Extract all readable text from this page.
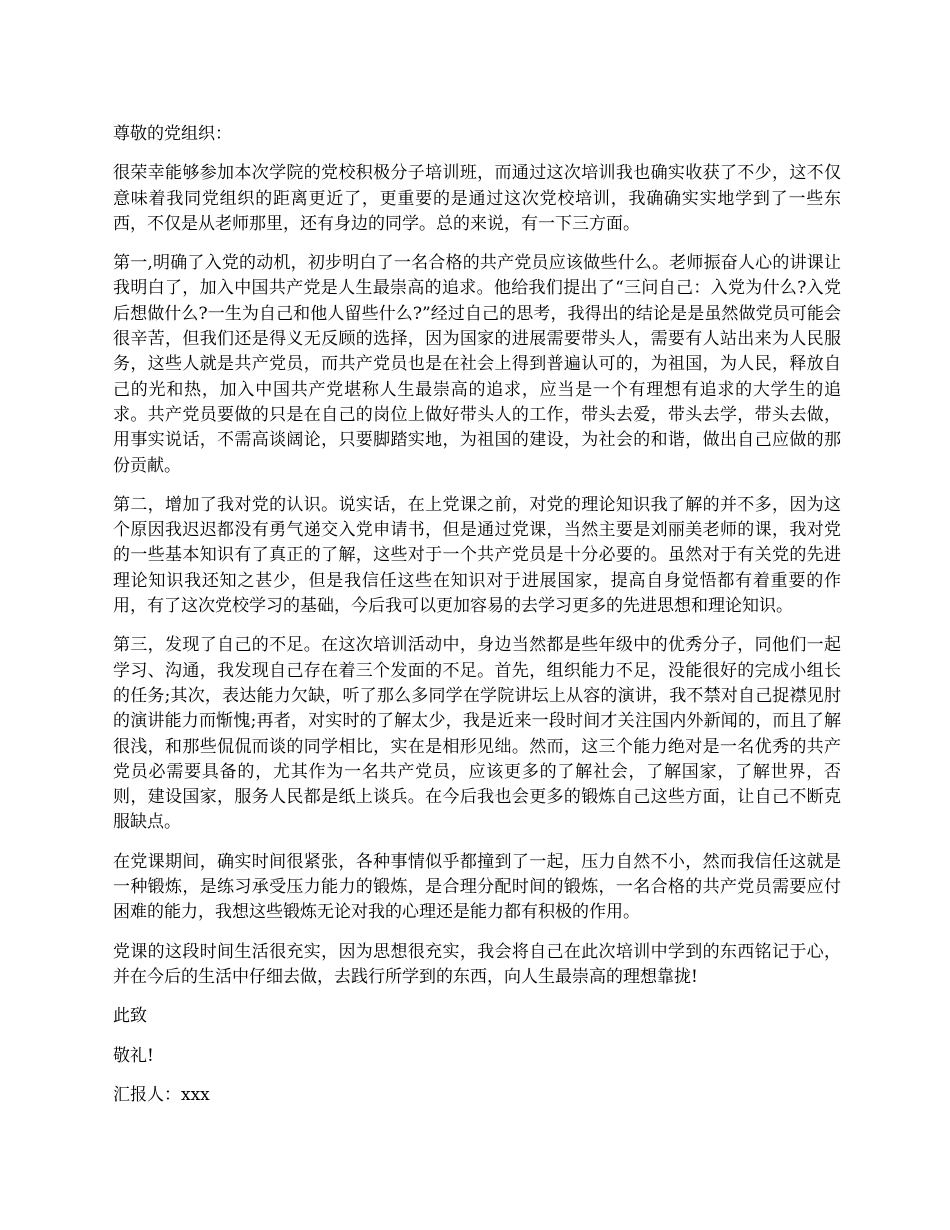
尊敬的党组织：

很荣幸能够参加本次学院的党校积极分子培训班，而通过这次培训我也确实收获了不少，这不仅意味着我同党组织的距离更近了，更重要的是通过这次党校培训，我确确实实地学到了一些东西，不仅是从老师那里，还有身边的同学。总的来说，有一下三方面。

第一,明确了入党的动机，初步明白了一名合格的共产党员应该做些什么。老师振奋人心的讲课让我明白了，加入中国共产党是人生最崇高的追求。他给我们提出了“三问自己：入党为什么?入党后想做什么?一生为自己和他人留些什么?”经过自己的思考，我得出的结论是是虽然做党员可能会很辛苦，但我们还是得义无反顾的选择，因为国家的进展需要带头人，需要有人站出来为人民服务，这些人就是共产党员，而共产党员也是在社会上得到普遍认可的，为祖国，为人民，释放自己的光和热，加入中国共产党堪称人生最崇高的追求，应当是一个有理想有追求的大学生的追求。共产党员要做的只是在自己的岗位上做好带头人的工作，带头去爱，带头去学，带头去做，用事实说话，不需高谈阔论，只要脚踏实地，为祖国的建设，为社会的和谐，做出自己应做的那份贡献。

第二，增加了我对党的认识。说实话，在上党课之前，对党的理论知识我了解的并不多，因为这个原因我迟迟都没有勇气递交入党申请书，但是通过党课，当然主要是刘丽美老师的课，我对党的一些基本知识有了真正的了解，这些对于一个共产党员是十分必要的。虽然对于有关党的先进理论知识我还知之甚少，但是我信任这些在知识对于进展国家，提高自身觉悟都有着重要的作用，有了这次党校学习的基础，今后我可以更加容易的去学习更多的先进思想和理论知识。

第三，发现了自己的不足。在这次培训活动中，身边当然都是些年级中的优秀分子，同他们一起学习、沟通，我发现自己存在着三个发面的不足。首先，组织能力不足，没能很好的完成小组长的任务;其次，表达能力欠缺，听了那么多同学在学院讲坛上从容的演讲，我不禁对自己捉襟见肘的演讲能力而惭愧;再者，对实时的了解太少，我是近来一段时间才关注国内外新闻的，而且了解很浅，和那些侃侃而谈的同学相比，实在是相形见绌。然而，这三个能力绝对是一名优秀的共产党员必需要具备的，尤其作为一名共产党员，应该更多的了解社会，了解国家，了解世界，否则，建设国家，服务人民都是纸上谈兵。在今后我也会更多的锻炼自己这些方面，让自己不断克服缺点。

在党课期间，确实时间很紧张，各种事情似乎都撞到了一起，压力自然不小，然而我信任这就是一种锻炼，是练习承受压力能力的锻炼，是合理分配时间的锻炼，一名合格的共产党员需要应付困难的能力，我想这些锻炼无论对我的心理还是能力都有积极的作用。

党课的这段时间生活很充实，因为思想很充实，我会将自己在此次培训中学到的东西铭记于心，并在今后的生活中仔细去做，去践行所学到的东西，向人生最崇高的理想靠拢!

此致

敬礼!

汇报人：xxx
